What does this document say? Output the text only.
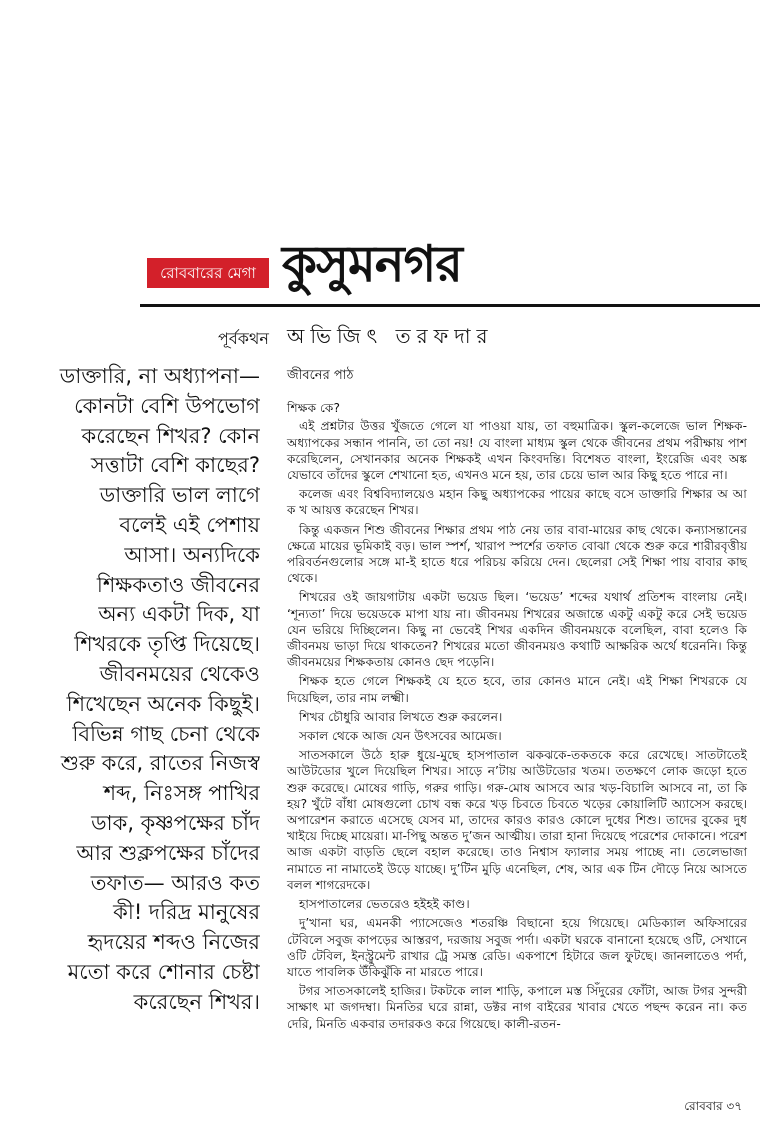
রোববারের মেগা কুসুমনগর
পূর্বকথন অভিজিৎ তরফদার
ডাক্তারি, না অধ্যাপনা—
কোনটা বেশি উপভোগ
করেছেন শিখর? কোন
সত্তাটা বেশি কাছের?
ডাক্তারি ভাল লাগে
বলেই এই পেশায়
আসা। অন্যদিকে
শিক্ষকতাও জীবনের
অন্য একটা দিক, যা
শিখরকে তৃপ্তি দিয়েছে।
জীবনময়ের থেকেও
শিখেছেন অনেক কিছুই।
বিভিন্ন গাছ চেনা থেকে
শুরু করে, রাতের নিজস্ব
শব্দ, নিঃসঙ্গ পাখির
ডাক, কৃষ্ণপক্ষের চাঁদ
আর শুক্লপক্ষের চাঁদের
তফাত— আরও কত
কী! দরিদ্র মানুষের
হৃদয়ের শব্দও নিজের
মতো করে শোনার চেষ্টা
করেছেন শিখর।
জীবনের পাঠ
শিক্ষক কে?

এই প্রশ্নটার উত্তর খুঁজতে গেলে যা পাওয়া যায়, তা বহুমাত্রিক। স্কুল-কলেজে ভাল শিক্ষক-অধ্যাপকের সন্ধান পাননি, তা তো নয়! যে বাংলা মাধ্যম স্কুল থেকে জীবনের প্রথম পরীক্ষায় পাশ করেছিলেন, সেখানকার অনেক শিক্ষকই এখন কিংবদন্তি। বিশেষত বাংলা, ইংরেজি এবং অঙ্ক যেভাবে তাঁদের স্কুলে শেখানো হত, এখনও মনে হয়, তার চেয়ে ভাল আর কিছু হতে পারে না।

কলেজ এবং বিশ্ববিদ্যালয়েও মহান কিছু অধ্যাপকের পায়ের কাছে বসে ডাক্তারি শিক্ষার অ আ ক খ আয়ত্ত করেছেন শিখর।

কিন্তু একজন শিশু জীবনের শিক্ষার প্রথম পাঠ নেয় তার বাবা-মায়ের কাছ থেকে। কন্যাসন্তানের ক্ষেত্রে মায়ের ভূমিকাই বড়। ভাল স্পর্শ, খারাপ স্পর্শের তফাত বোঝা থেকে শুরু করে শারীরবৃত্তীয় পরিবর্তনগুলোর সঙ্গে মা-ই হাতে ধরে পরিচয় করিয়ে দেন। ছেলেরা সেই শিক্ষা পায় বাবার কাছ থেকে।

শিখরের ওই জায়গাটায় একটা ভয়েড ছিল। ‘ভয়েড’ শব্দের যথার্থ প্রতিশব্দ বাংলায় নেই। ‘শূন্যতা’ দিয়ে ভয়েডকে মাপা যায় না। জীবনময় শিখরের অজান্তে একটু একটু করে সেই ভয়েড যেন ভরিয়ে দিচ্ছিলেন। কিছু না ভেবেই শিখর একদিন জীবনময়কে বলেছিল, বাবা হলেও কি জীবনময় ভাড়া দিয়ে থাকতেন? শিখরের মতো জীবনময়ও কথাটি আক্ষরিক অর্থে ধরেননি। কিন্তু জীবনময়ের শিক্ষকতায় কোনও ছেদ পড়েনি।

শিক্ষক হতে গেলে শিক্ষকই যে হতে হবে, তার কোনও মানে নেই। এই শিক্ষা শিখরকে যে দিয়েছিল, তার নাম লক্ষ্মী।

শিখর চৌধুরি আবার লিখতে শুরু করলেন।

সকাল থেকে আজ যেন উৎসবের আমেজ।

সাতসকালে উঠে হারু ধুয়ে-মুছে হাসপাতাল ঝকঝকে-তকতকে করে রেখেছে। সাতটাতেই আউটডোর খুলে দিয়েছিল শিখর। সাড়ে ন’টায় আউটডোর খতম। ততক্ষণে লোক জড়ো হতে শুরু করেছে। মোষের গাড়ি, গরুর গাড়ি। গরু-মোষ আসবে আর খড়-বিচালি আসবে না, তা কি হয়? খুঁটে বাঁধা মোষগুলো চোখ বন্ধ করে খড় চিবতে চিবতে খড়ের কোয়ালিটি অ্যাসেস করছে। অপারেশন করাতে এসেছে যেসব মা, তাদের কারও কারও কোলে দুধের শিশু। তাদের বুকের দুধ খাইয়ে দিচ্ছে মায়েরা। মা-পিছু অন্তত দু’জন আত্মীয়। তারা হানা দিয়েছে পরেশের দোকানে। পরেশ আজ একটা বাড়তি ছেলে বহাল করেছে। তাও নিশ্বাস ফ্যালার সময় পাচ্ছে না। তেলেভাজা নামাতে না নামাতেই উড়ে যাচ্ছে। দু’টিন মুড়ি এনেছিল, শেষ, আর এক টিন দৌড়ে নিয়ে আসতে বলল শাগরেদকে।

হাসপাতালের ভেতরেও হইহই কাণ্ড।

দু’খানা ঘর, এমনকী প্যাসেজেও শতরঞ্চি বিছানো হয়ে গিয়েছে। মেডিক্যাল অফিসারের টেবিলে সবুজ কাপড়ের আস্তরণ, দরজায় সবুজ পর্দা। একটা ঘরকে বানানো হয়েছে ওটি, সেখানে ওটি টেবিল, ইনস্ট্রুমেন্ট রাখার ট্রে সমস্ত রেডি। একপাশে হিটারে জল ফুটছে। জানলাতেও পর্দা, যাতে পাবলিক উঁকিঝুঁকি না মারতে পারে।

টগর সাতসকালেই হাজির। টকটকে লাল শাড়ি, কপালে মস্ত সিঁদুরের ফোঁটা, আজ টগর সুন্দরী সাক্ষাৎ মা জগদম্বা। মিনতির ঘরে রান্না, ডক্টর নাগ বাইরের খাবার খেতে পছন্দ করেন না। কত দেরি, মিনতি একবার তদারকও করে গিয়েছে। কালী-রতন-

রোববার ৩৭
